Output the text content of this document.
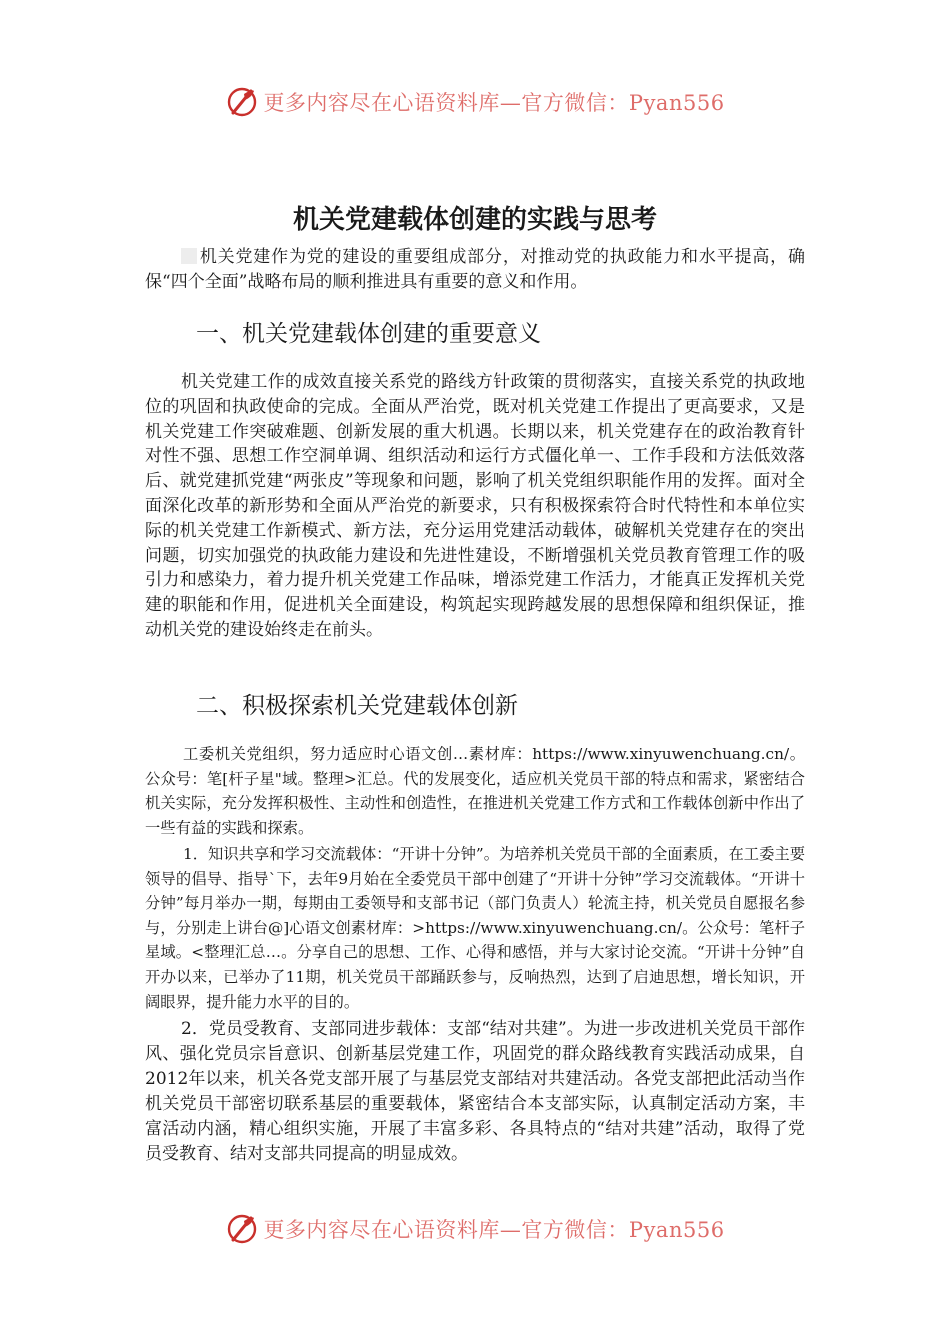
更多内容尽在心语资料库—官方微信：Pyan556
机关党建载体创建的实践与思考

机关党建作为党的建设的重要组成部分，对推动党的执政能力和水平提高，确保“四个全面”战略布局的顺利推进具有重要的意义和作用。

一、机关党建载体创建的重要意义

机关党建工作的成效直接关系党的路线方针政策的贯彻落实，直接关系党的执政地位的巩固和执政使命的完成。全面从严治党，既对机关党建工作提出了更高要求，又是机关党建工作突破难题、创新发展的重大机遇。长期以来，机关党建存在的政治教育针对性不强、思想工作空洞单调、组织活动和运行方式僵化单一、工作手段和方法低效落后、就党建抓党建“两张皮”等现象和问题，影响了机关党组织职能作用的发挥。面对全面深化改革的新形势和全面从严治党的新要求，只有积极探索符合时代特性和本单位实际的机关党建工作新模式、新方法，充分运用党建活动载体，破解机关党建存在的突出问题，切实加强党的执政能力建设和先进性建设，不断增强机关党员教育管理工作的吸引力和感染力，着力提升机关党建工作品味，增添党建工作活力，才能真正发挥机关党建的职能和作用，促进机关全面建设，构筑起实现跨越发展的思想保障和组织保证，推动机关党的建设始终走在前头。

二、积极探索机关党建载体创新

工委机关党组织，努力适应时心语文创…素材库：https://www.xinyuwenchuang.cn/。公众号：笔[杆子星"域。整理>汇总。代的发展变化，适应机关党员干部的特点和需求，紧密结合机关实际，充分发挥积极性、主动性和创造性，在推进机关党建工作方式和工作载体创新中作出了一些有益的实践和探索。

1．知识共享和学习交流载体：“开讲十分钟”。为培养机关党员干部的全面素质，在工委主要领导的倡导、指导`下，去年9月始在全委党员干部中创建了“开讲十分钟”学习交流载体。“开讲十分钟”每月举办一期，每期由工委领导和支部书记（部门负责人）轮流主持，机关党员自愿报名参与，分别走上讲台@]心语文创素材库：>https://www.xinyuwenchuang.cn/。公众号：笔杆子星域。<整理汇总…。分享自己的思想、工作、心得和感悟，并与大家讨论交流。“开讲十分钟”自开办以来，已举办了11期，机关党员干部踊跃参与，反响热烈，达到了启迪思想，增长知识，开阔眼界，提升能力水平的目的。

2．党员受教育、支部同进步载体：支部“结对共建”。为进一步改进机关党员干部作风、强化党员宗旨意识、创新基层党建工作，巩固党的群众路线教育实践活动成果，自2012年以来，机关各党支部开展了与基层党支部结对共建活动。各党支部把此活动当作机关党员干部密切联系基层的重要载体，紧密结合本支部实际，认真制定活动方案，丰富活动内涵，精心组织实施，开展了丰富多彩、各具特点的“结对共建”活动，取得了党员受教育、结对支部共同提高的明显成效。

更多内容尽在心语资料库—官方微信：Pyan556
